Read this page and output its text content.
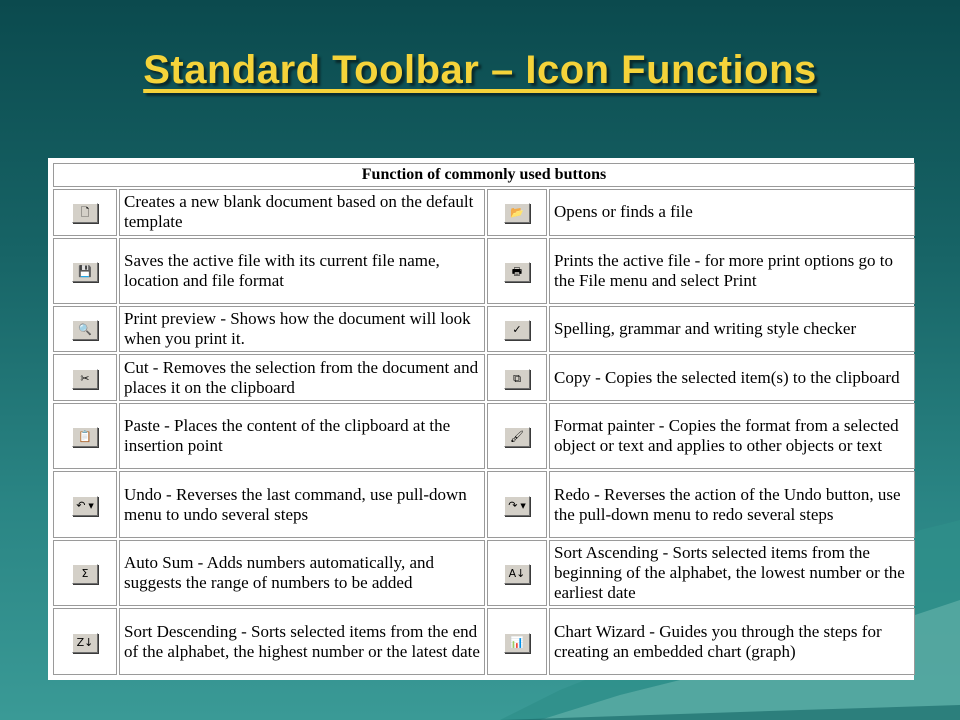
Standard Toolbar – Icon Functions
Function of commonly used buttons			

🗋	Creates a new blank document based on the default template	📂	Opens or finds a file

💾	Saves the active file with its current file name, location and file format	🖶	Prints the active file - for more print options go to the File menu and select Print

🔍	Print preview - Shows how the document will look when you print it.	✓	Spelling, grammar and writing style checker

✂	Cut - Removes the selection from the document and places it on the clipboard	⧉	Copy - Copies the selected item(s) to the clipboard

📋	Paste - Places the content of the clipboard at the insertion point	🖌	Format painter - Copies the format from a selected object or text and applies to other objects or text

↶ ▼	Undo - Reverses the last command, use pull-down menu to undo several steps	↷ ▼	Redo - Reverses the action of the Undo button, use the pull-down menu to redo several steps

Σ	Auto Sum - Adds numbers automatically, and suggests the range of numbers to be added	A↓	Sort Ascending - Sorts selected items from the beginning of the alphabet, the lowest number or the earliest date

Z↓	Sort Descending - Sorts selected items from the end of the alphabet, the highest number or the latest date	📊	Chart Wizard - Guides you through the steps for creating an embedded chart (graph)
